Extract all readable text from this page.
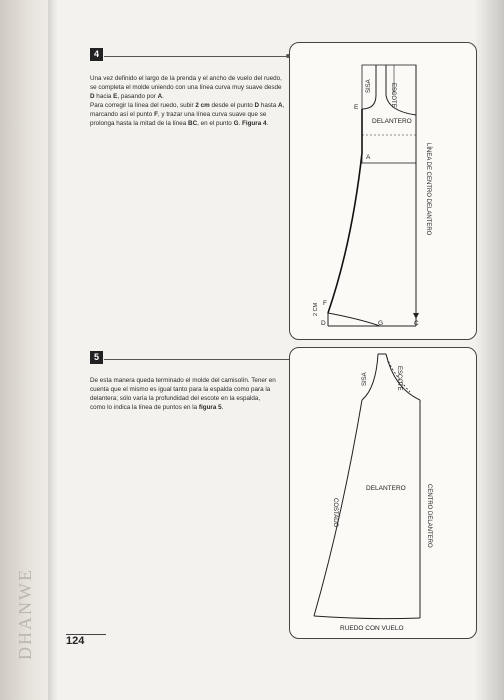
DHANWE
4
Una vez definido el largo de la prenda y el ancho de vuelo del ruedo, se completa el molde uniendo con una línea curva muy suave desde D hacia E, pasando por A.
Para corregir la línea del ruedo, subir 2 cm desde el punto D hasta A, marcando así el punto F, y trazar una línea curva suave que se prolonga hasta la mitad de la línea BC, en el punto G. Figura 4.
SISA	ESCOTE
DELANTERO
LÍNEA DE CENTRO DELANTERO
E
A
F
D	G	C
2 CM
5
De esta manera queda terminado el molde del camisolín. Tener en cuenta que el mismo es igual tanto para la espalda como para la delantera; sólo varía la profundidad del escote en la espalda, como lo indica la línea de puntos en la figura 5.
SISA	ESCOTE
DELANTERO
COSTADO	CENTRO DELANTERO
RUEDO CON VUELO
124
